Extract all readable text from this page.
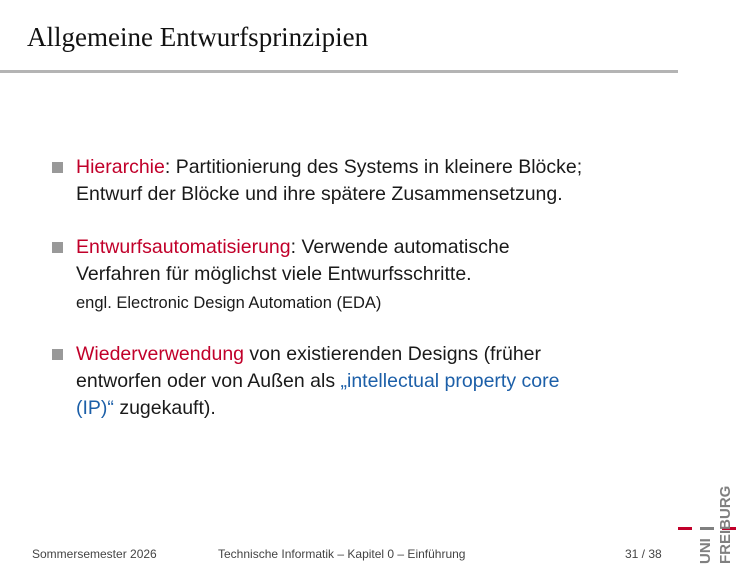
Allgemeine Entwurfsprinzipien
Hierarchie: Partitionierung des Systems in kleinere Blöcke;
Entwurf der Blöcke und ihre spätere Zusammensetzung.
Entwurfsautomatisierung: Verwende automatische
Verfahren für möglichst viele Entwurfsschritte.
engl. Electronic Design Automation (EDA)
Wiederverwendung von existierenden Designs (früher
entworfen oder von Außen als „intellectual property core
(IP)“ zugekauft).
Sommersemester 2026	Technische Informatik – Kapitel 0 – Einführung	31 / 38 UNI FREIBURG
